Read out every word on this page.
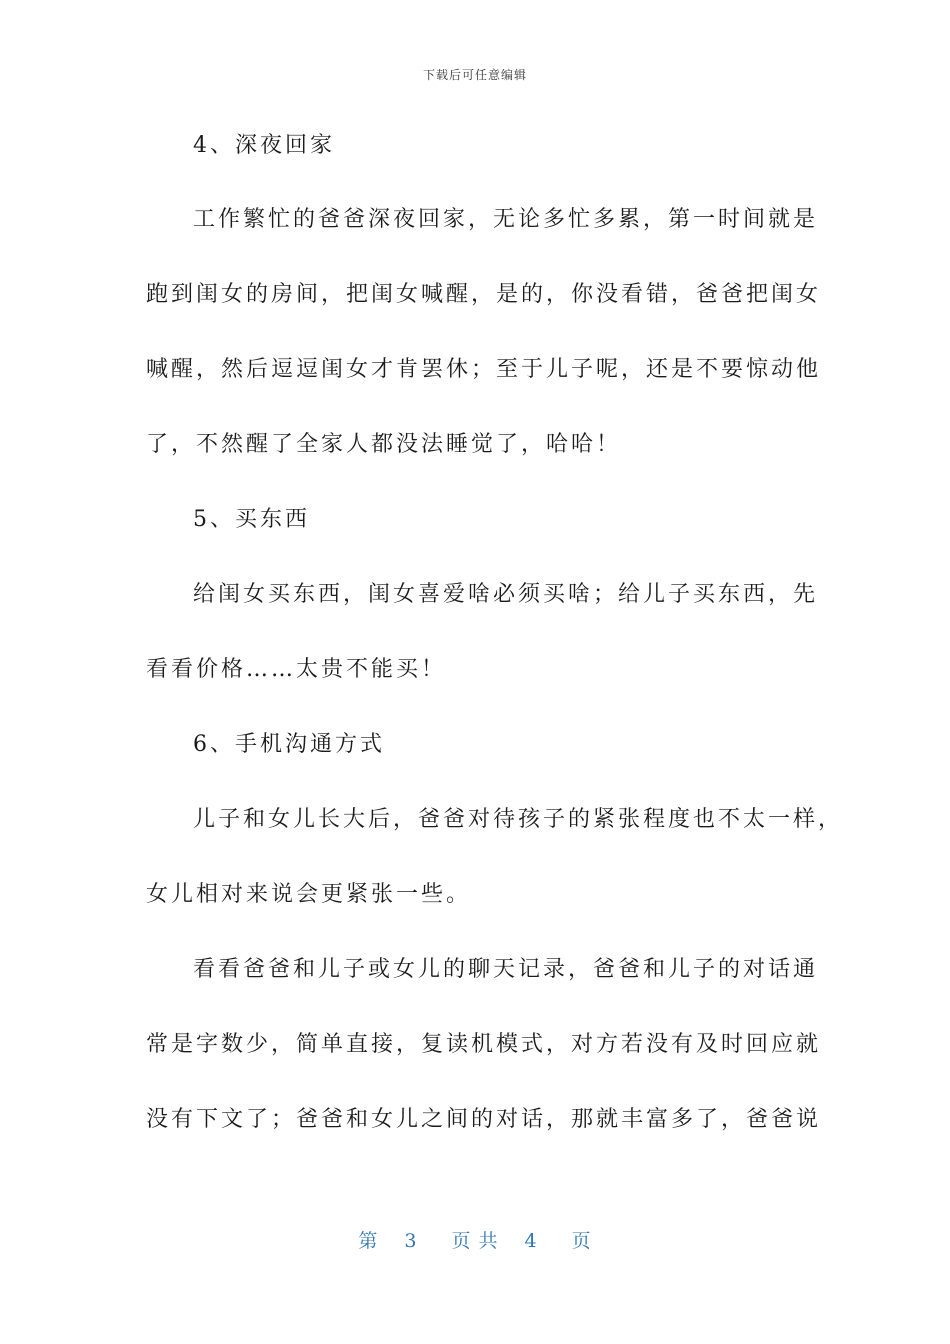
下载后可任意编辑
4、深夜回家
工作繁忙的爸爸深夜回家，无论多忙多累，第一时间就是
跑到闺女的房间，把闺女喊醒，是的，你没看错，爸爸把闺女
喊醒，然后逗逗闺女才肯罢休；至于儿子呢，还是不要惊动他
了，不然醒了全家人都没法睡觉了，哈哈！
5、买东西
给闺女买东西，闺女喜爱啥必须买啥；给儿子买东西，先
看看价格……太贵不能买！
6、手机沟通方式
儿子和女儿长大后，爸爸对待孩子的紧张程度也不太一样，
女儿相对来说会更紧张一些。
看看爸爸和儿子或女儿的聊天记录，爸爸和儿子的对话通
常是字数少，简单直接，复读机模式，对方若没有及时回应就
没有下文了；爸爸和女儿之间的对话，那就丰富多了，爸爸说
第 3 页 共 4 页
